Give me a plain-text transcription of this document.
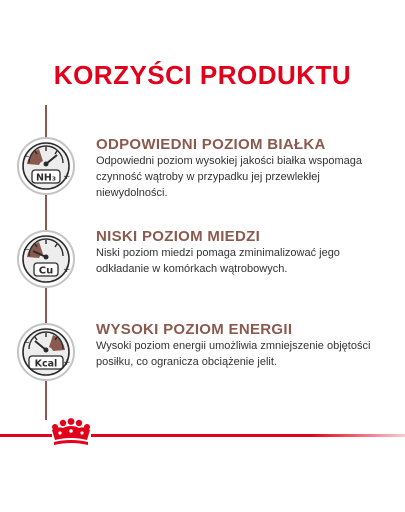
KORZYŚCI PRODUKTU
−
+
NH₃
ODPOWIEDNI POZIOM BIAŁKA
Odpowiedni poziom wysokiej jakości białka wspomaga czynność wątroby w przypadku jej przewlekłej niewydolności.
−
+
Cu
NISKI POZIOM MIEDZI
Niski poziom miedzi pomaga zminimalizować jego odkładanie w komórkach wątrobowych.
−
+
Kcal
WYSOKI POZIOM ENERGII
Wysoki poziom energii umożliwia zmniejszenie objętości posiłku, co ogranicza obciążenie jelit.
